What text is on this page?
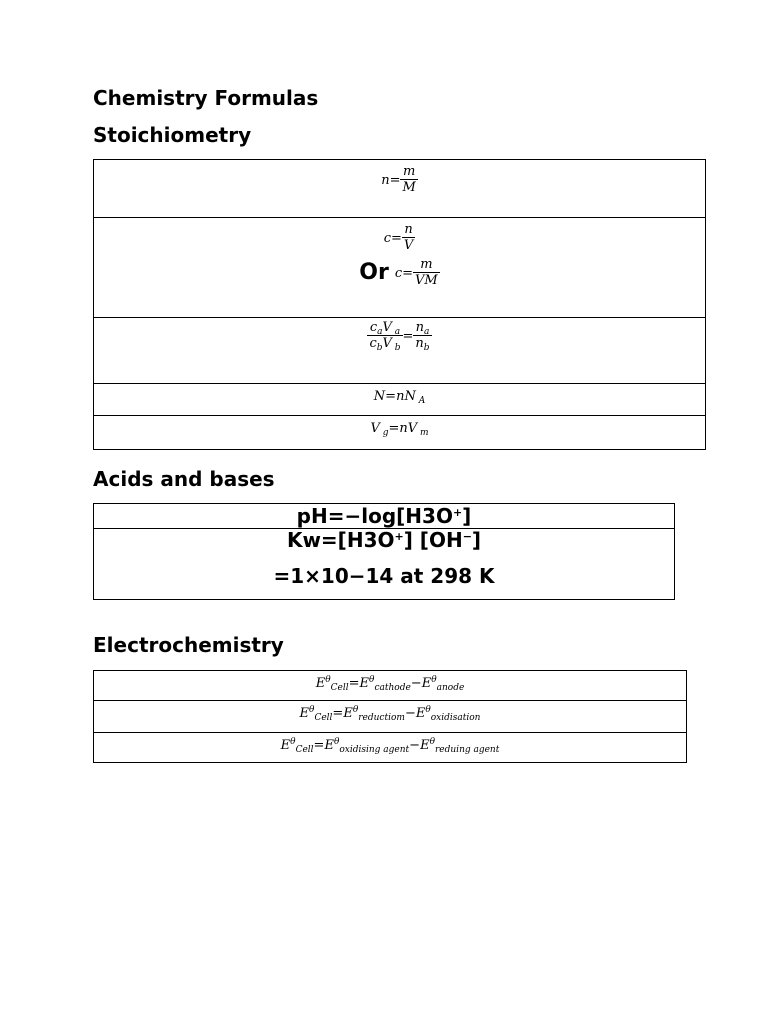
Chemistry Formulas
Stoichiometry
$n= \frac{m}{M}$

$c= \frac{n}{V}$
Or $c= \frac{m}{VM}$

$\frac{c_aV _a}{c_bV _b} = \frac{n_a}{n_b}$

N=nN $_A$
V $_g$=nV $_m$
Acids and bases
pH=−log[H3O+]

Kw=[H3O+] [OH−]
=1×10−14 at 298 K
Electrochemistry
$E^\theta_{Cell}=E^\theta_{cathode}-E^\theta_{anode}$
$E^\theta_{Cell}=E^\theta_{reductiom}-E^\theta_{oxidisation}$
$E^\theta_{Cell}=E^\theta_{oxidising agent}-E^\theta_{reduing agent}$
